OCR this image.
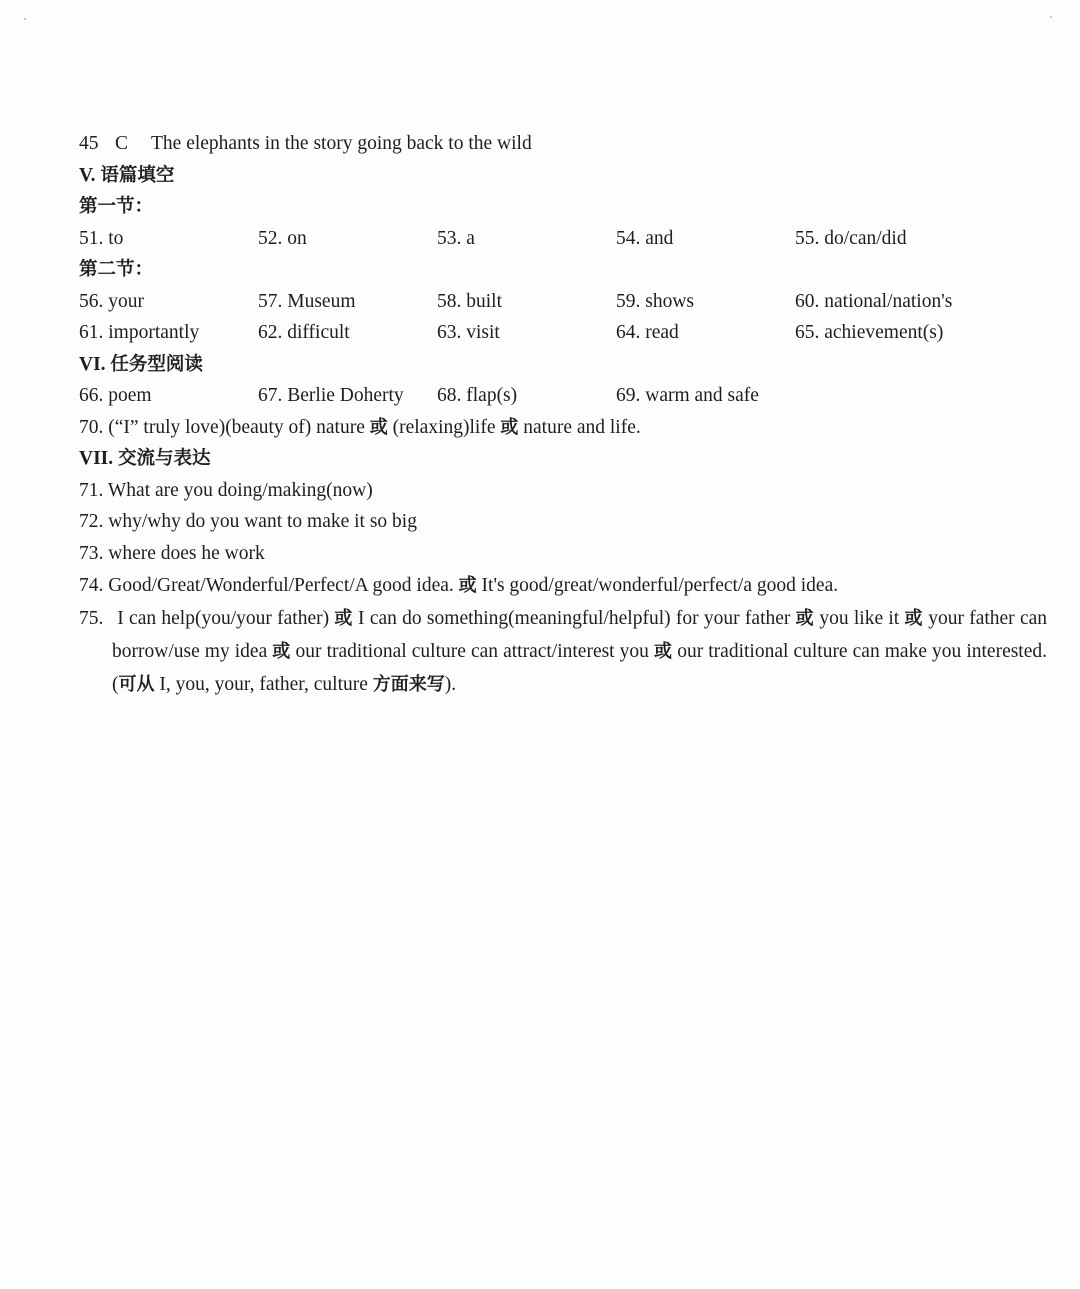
45 C The elephants in the story going back to the wild
V. 语篇填空
第一节：
51. to	52. on	53. a	54. and	55. do/can/did
第二节：
56. your	57. Museum	58. built	59. shows	60. national/nation's
61. importantly	62. difficult	63. visit	64. read	65. achievement(s)
VI. 任务型阅读
66. poem	67. Berlie Doherty	68. flap(s)	69. warm and safe
70. (“I” truly love)(beauty of) nature 或 (relaxing)life 或 nature and life.
VII. 交流与表达
71. What are you doing/making(now)
72. why/why do you want to make it so big
73. where does he work
74. Good/Great/Wonderful/Perfect/A good idea. 或 It's good/great/wonderful/perfect/a good idea.
75. I can help(you/your father) 或 I can do something(meaningful/helpful) for your father 或 you like it 或 your father can borrow/use my idea 或 our traditional culture can attract/interest you 或 our traditional culture can make you interested.(可从 I, you, your, father, culture 方面来写).
